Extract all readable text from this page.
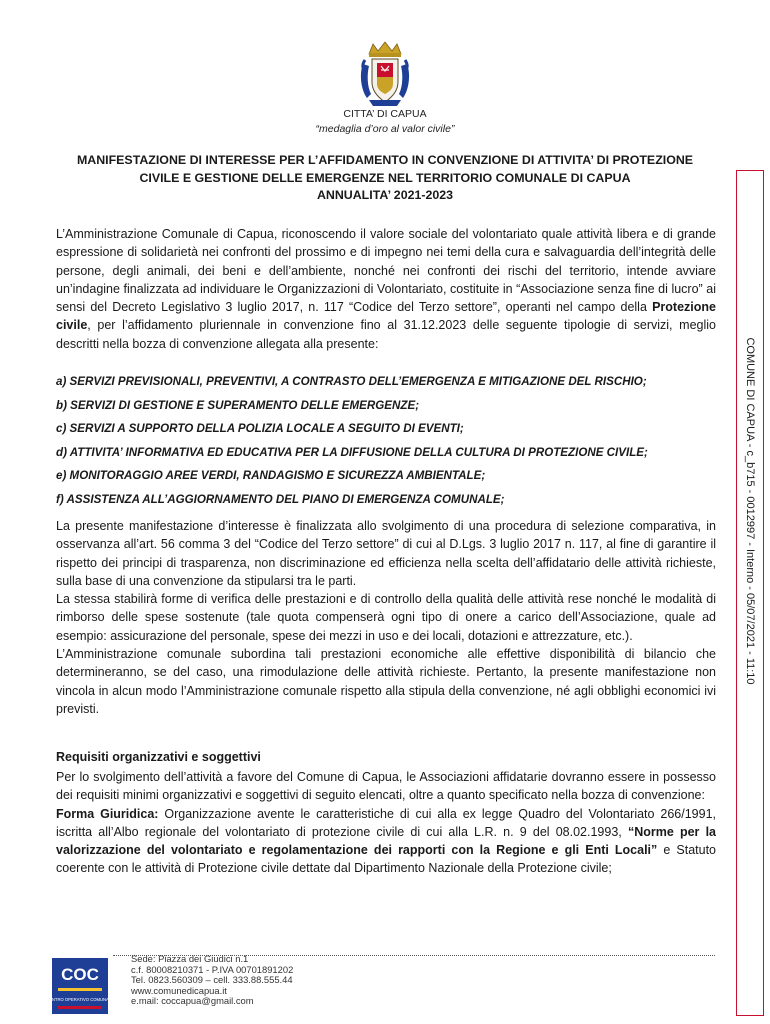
CITTA’ DI CAPUA
“medaglia d’oro al valor civile”
MANIFESTAZIONE DI INTERESSE PER L’AFFIDAMENTO IN CONVENZIONE DI ATTIVITA’ DI PROTEZIONE
CIVILE E GESTIONE DELLE EMERGENZE NEL TERRITORIO COMUNALE DI CAPUA
ANNUALITA’ 2021-2023

L’Amministrazione Comunale di Capua, riconoscendo il valore sociale del volontariato quale attività libera e di grande espressione di solidarietà nei confronti del prossimo e di impegno nei temi della cura e salvaguardia dell’integrità delle persone, degli animali, dei beni e dell’ambiente, nonché nei confronti dei rischi del territorio, intende avviare un’indagine finalizzata ad individuare le Organizzazioni di Volontariato, costituite in “Associazione senza fine di lucro” ai sensi del Decreto Legislativo 3 luglio 2017, n. 117 “Codice del Terzo settore”, operanti nel campo della Protezione civile, per l’affidamento pluriennale in convenzione fino al 31.12.2023 delle seguente tipologie di servizi, meglio descritti nella bozza di convenzione allegata alla presente:

a) SERVIZI PREVISIONALI, PREVENTIVI, A CONTRASTO DELL’EMERGENZA E MITIGAZIONE DEL RISCHIO;
b) SERVIZI DI GESTIONE E SUPERAMENTO DELLE EMERGENZE;
c) SERVIZI A SUPPORTO DELLA POLIZIA LOCALE A SEGUITO DI EVENTI;
d) ATTIVITA’ INFORMATIVA ED EDUCATIVA PER LA DIFFUSIONE DELLA CULTURA DI PROTEZIONE CIVILE;
e) MONITORAGGIO AREE VERDI, RANDAGISMO E SICUREZZA AMBIENTALE;
f) ASSISTENZA ALL’AGGIORNAMENTO DEL PIANO DI EMERGENZA COMUNALE;

La presente manifestazione d’interesse è finalizzata allo svolgimento di una procedura di selezione comparativa, in osservanza all’art. 56 comma 3 del “Codice del Terzo settore” di cui al D.Lgs. 3 luglio 2017 n. 117, al fine di garantire il rispetto dei principi di trasparenza, non discriminazione ed efficienza nella scelta dell’affidatario delle attività richieste, sulla base di una convenzione da stipularsi tra le parti.

La stessa stabilirà forme di verifica delle prestazioni e di controllo della qualità delle attività rese nonché le modalità di rimborso delle spese sostenute (tale quota compenserà ogni tipo di onere a carico dell’Associazione, quale ad esempio: assicurazione del personale, spese dei mezzi in uso e dei locali, dotazioni e attrezzature, etc.).

L’Amministrazione comunale subordina tali prestazioni economiche alle effettive disponibilità di bilancio che determineranno, se del caso, una rimodulazione delle attività richieste. Pertanto, la presente manifestazione non vincola in alcun modo l’Amministrazione comunale rispetto alla stipula della convenzione, né agli obblighi economici ivi previsti.

Requisiti organizzativi e soggettivi

Per lo svolgimento dell’attività a favore del Comune di Capua, le Associazioni affidatarie dovranno essere in possesso dei requisiti minimi organizzativi e soggettivi di seguito elencati, oltre a quanto specificato nella bozza di convenzione:

Forma Giuridica: Organizzazione avente le caratteristiche di cui alla ex legge Quadro del Volontariato 266/1991, iscritta all’Albo regionale del volontariato di protezione civile di cui alla L.R. n. 9 del 08.02.1993, “Norme per la valorizzazione del volontariato e regolamentazione dei rapporti con la Regione e gli Enti Locali” e Statuto coerente con le attività di Protezione civile dettate dal Dipartimento Nazionale della Protezione civile;

COMUNE DI CAPUA - c_b715 - 0012997 - Interno - 05/07/2021 - 11:10
COC
CENTRO OPERATIVO COMUNALE
Sede: Piazza dei Giudici n.1
c.f. 80008210371 - P.IVA 00701891202
Tel. 0823.560309 – cell. 333.88.555.44
www.comunedicapua.it
e.mail: coccapua@gmail.com
